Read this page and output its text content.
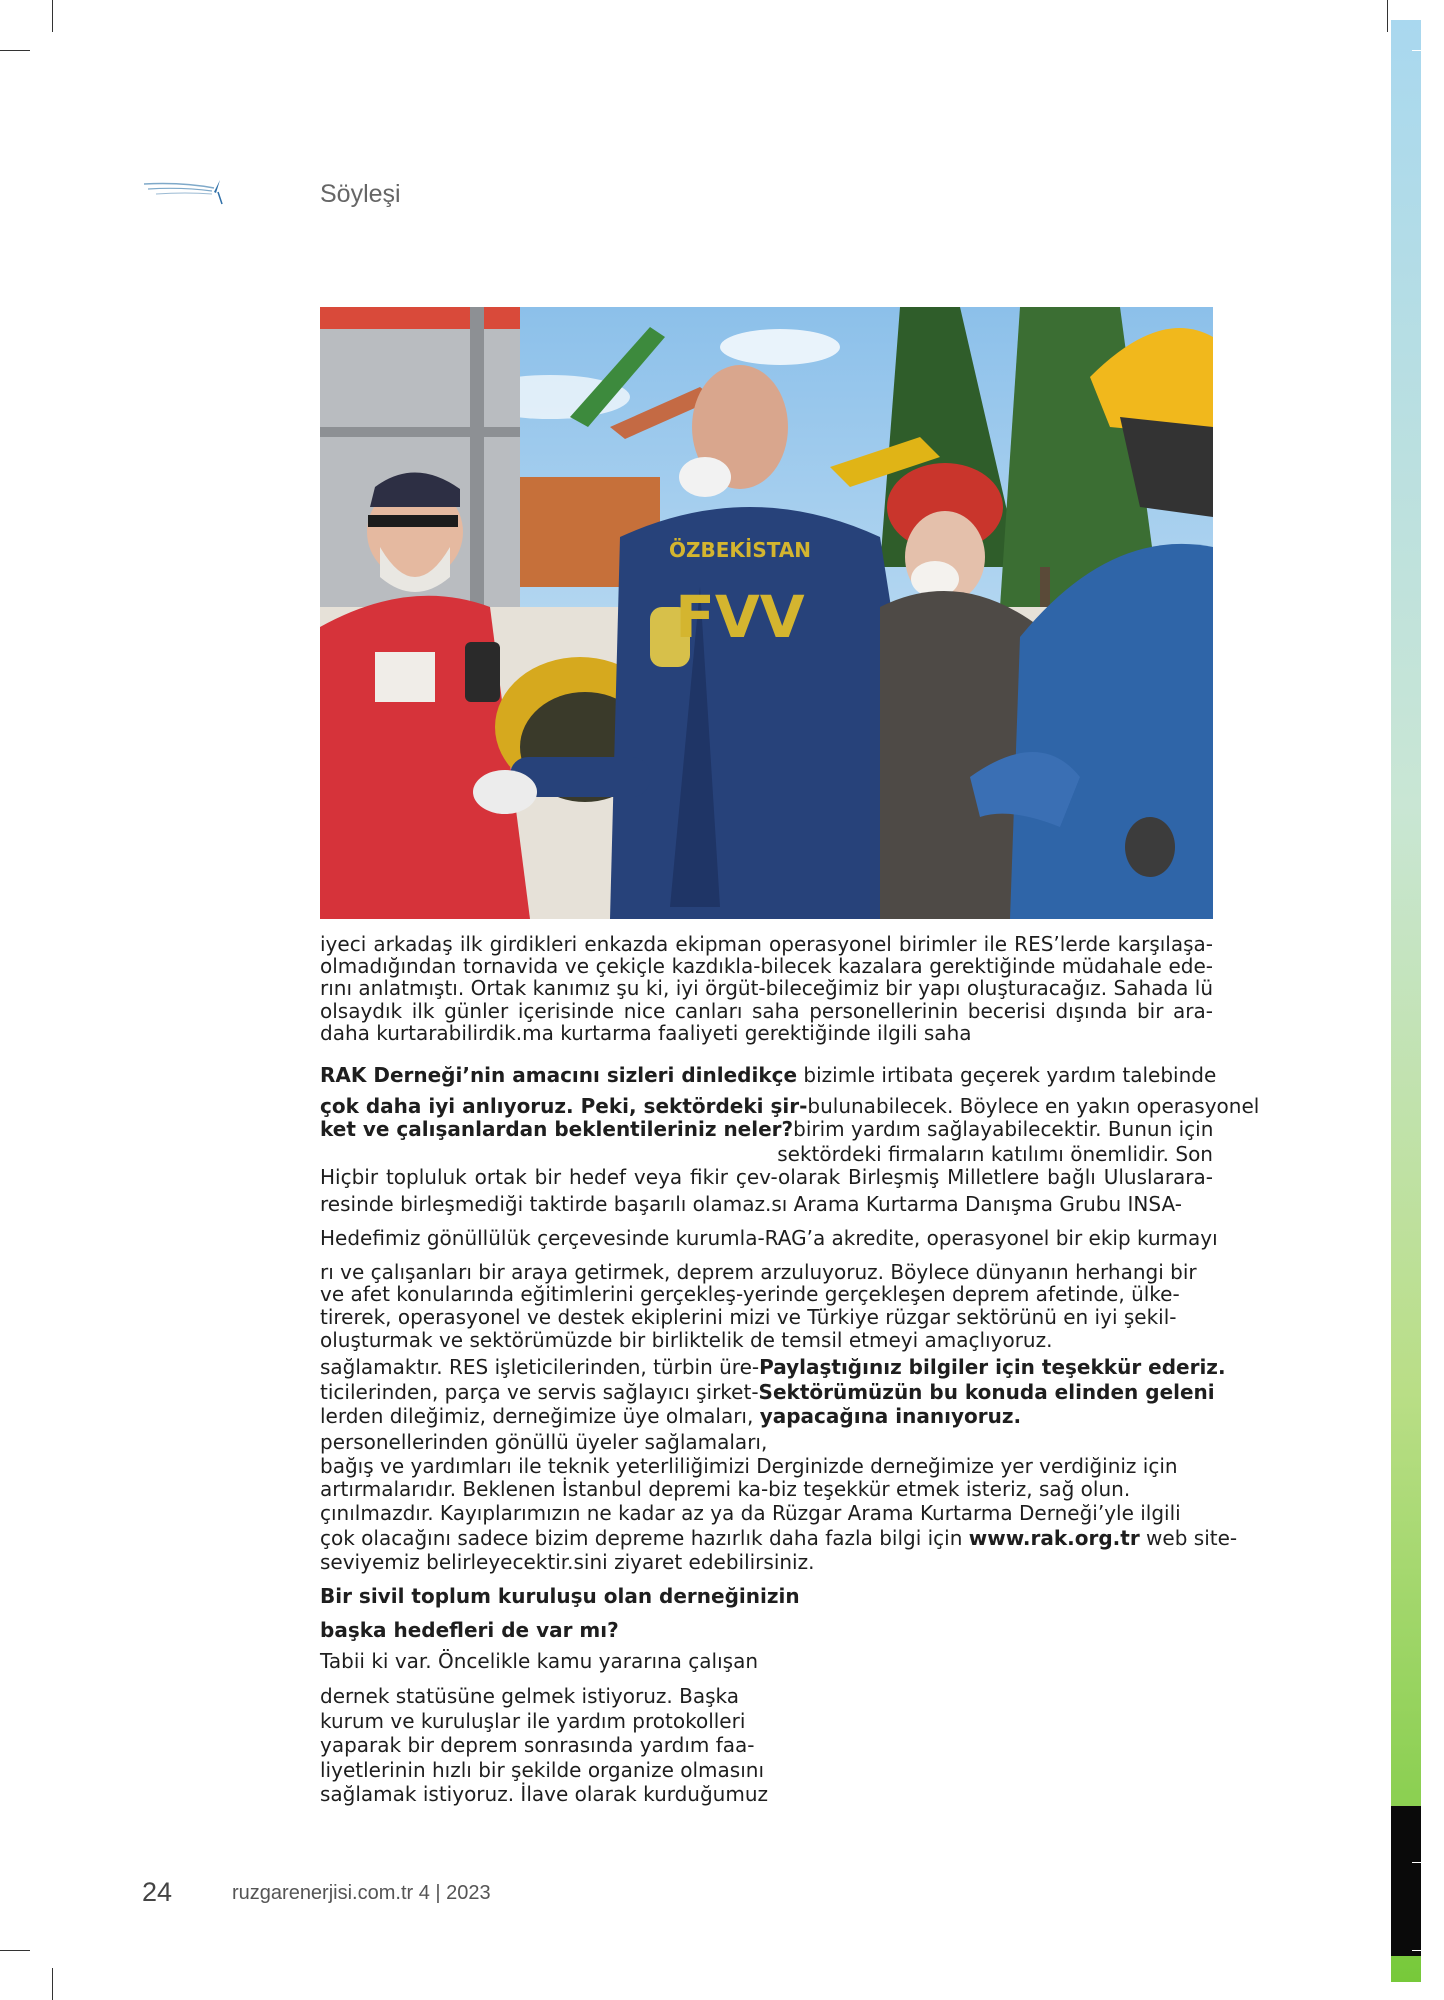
Söyleşi
FVV
ÖZBEKİSTAN
iyeci arkadaş ilk girdikleri enkazda ekipman operasyonel birimler ile RES’lerde karşılaşa-
olmadığından tornavida ve çekiçle kazdıkla-bilecek kazalara gerektiğinde müdahale ede-
rını anlatmıştı. Ortak kanımız şu ki, iyi örgüt-bileceğimiz bir yapı oluşturacağız. Sahada lü
olsaydık ilk günler içerisinde nice canları saha personellerinin becerisi dışında bir ara-
daha kurtarabilirdik.ma kurtarma faaliyeti gerektiğinde ilgili saha
RAK Derneği’nin amacını sizleri dinledikçe bizimle irtibata geçerek yardım talebinde
çok daha iyi anlıyoruz. Peki, sektördeki şir-bulunabilecek. Böylece en yakın operasyonel
ket ve çalışanlardan beklentileriniz neler?birim yardım sağlayabilecektir. Bunun için
sektördeki firmaların katılımı önemlidir. Son
Hiçbir topluluk ortak bir hedef veya fikir çev-olarak Birleşmiş Milletlere bağlı Uluslarara-
resinde birleşmediği taktirde başarılı olamaz.sı Arama Kurtarma Danışma Grubu INSA-
Hedefimiz gönüllülük çerçevesinde kurumla-RAG’a akredite, operasyonel bir ekip kurmayı
rı ve çalışanları bir araya getirmek, deprem arzuluyoruz. Böylece dünyanın herhangi bir
ve afet konularında eğitimlerini gerçekleş-yerinde gerçekleşen deprem afetinde, ülke-
tirerek, operasyonel ve destek ekiplerini mizi ve Türkiye rüzgar sektörünü en iyi şekil-
oluşturmak ve sektörümüzde bir birliktelik de temsil etmeyi amaçlıyoruz.
sağlamaktır. RES işleticilerinden, türbin üre-Paylaştığınız bilgiler için teşekkür ederiz.
ticilerinden, parça ve servis sağlayıcı şirket-Sektörümüzün bu konuda elinden geleni
lerden dileğimiz, derneğimize üye olmaları, yapacağına inanıyoruz.
personellerinden gönüllü üyeler sağlamaları,
bağış ve yardımları ile teknik yeterliliğimizi Derginizde derneğimize yer verdiğiniz için
artırmalarıdır. Beklenen İstanbul depremi ka-biz teşekkür etmek isteriz, sağ olun.
çınılmazdır. Kayıplarımızın ne kadar az ya da Rüzgar Arama Kurtarma Derneği’yle ilgili
çok olacağını sadece bizim depreme hazırlık daha fazla bilgi için www.rak.org.tr web site-
seviyemiz belirleyecektir.sini ziyaret edebilirsiniz.
Bir sivil toplum kuruluşu olan derneğinizin
başka hedefleri de var mı?
Tabii ki var. Öncelikle kamu yararına çalışan
dernek statüsüne gelmek istiyoruz. Başka
kurum ve kuruluşlar ile yardım protokolleri
yaparak bir deprem sonrasında yardım faa-
liyetlerinin hızlı bir şekilde organize olmasını
sağlamak istiyoruz. İlave olarak kurduğumuz
24	ruzgarenerjisi.com.tr 4 | 2023
